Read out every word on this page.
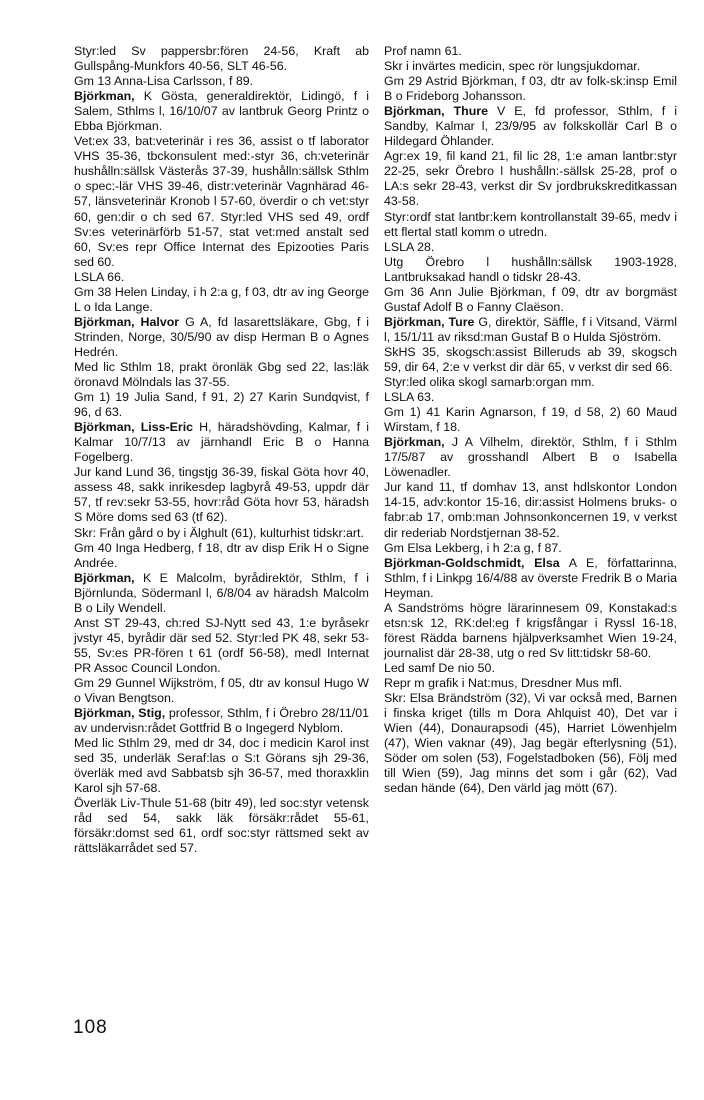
Styr:led Sv pappersbr:fören 24-56, Kraft ab Gullspång-Munkfors 40-56, SLT 46-56.

Gm 13 Anna-Lisa Carlsson, f 89.

Björkman, K Gösta, generaldirektör, Lidingö, f i Salem, Sthlms l, 16/10/07 av lantbruk Georg Printz o Ebba Björkman.

Vet:ex 33, bat:veterinär i res 36, assist o tf laborator VHS 35-36, tbckonsulent med:-styr 36, ch:veterinär hushålln:sällsk Västerås 37-39, hushålln:sällsk Sthlm o spec:-lär VHS 39-46, distr:veterinär Vagnhärad 46-57, länsveterinär Kronob l 57-60, överdir o ch vet:styr 60, gen:dir o ch sed 67. Styr:led VHS sed 49, ordf Sv:es veterinärförb 51-57, stat vet:med anstalt sed 60, Sv:es repr Office Internat des Epizooties Paris sed 60.

LSLA 66.

Gm 38 Helen Linday, i h 2:a g, f 03, dtr av ing George L o Ida Lange.

Björkman, Halvor G A, fd lasarettsläkare, Gbg, f i Strinden, Norge, 30/5/90 av disp Herman B o Agnes Hedrén.

Med lic Sthlm 18, prakt öronläk Gbg sed 22, las:läk öronavd Mölndals las 37-55.

Gm 1) 19 Julia Sand, f 91, 2) 27 Karin Sundqvist, f 96, d 63.

Björkman, Liss-Eric H, häradshövding, Kalmar, f i Kalmar 10/7/13 av järnhandl Eric B o Hanna Fogelberg.

Jur kand Lund 36, tingstjg 36-39, fiskal Göta hovr 40, assess 48, sakk inrikesdep lagbyrå 49-53, uppdr där 57, tf rev:sekr 53-55, hovr:råd Göta hovr 53, häradsh S Möre doms sed 63 (tf 62).

Skr: Från gård o by i Älghult (61), kulturhist tidskr:art.

Gm 40 Inga Hedberg, f 18, dtr av disp Erik H o Signe Andrée.

Björkman, K E Malcolm, byrådirektör, Sthlm, f i Björnlunda, Södermanl l, 6/8/04 av häradsh Malcolm B o Lily Wendell.

Anst ST 29-43, ch:red SJ-Nytt sed 43, 1:e byråsekr jvstyr 45, byrådir där sed 52. Styr:led PK 48, sekr 53-55, Sv:es PR-fören t 61 (ordf 56-58), medl Internat PR Assoc Council London.

Gm 29 Gunnel Wijkström, f 05, dtr av konsul Hugo W o Vivan Bengtson.

Björkman, Stig, professor, Sthlm, f i Örebro 28/11/01 av undervisn:rådet Gottfrid B o Ingegerd Nyblom.

Med lic Sthlm 29, med dr 34, doc i medicin Karol inst sed 35, underläk Seraf:las o S:t Görans sjh 29-36, överläk med avd Sabbatsb sjh 36-57, med thoraxklin Karol sjh 57-68.

Överläk Liv-Thule 51-68 (bitr 49), led soc:styr vetensk råd sed 54, sakk läk försäkr:rådet 55-61, försäkr:domst sed 61, ordf soc:styr rättsmed sekt av rättsläkarrådet sed 57.

Prof namn 61.

Skr i invärtes medicin, spec rör lungsjukdomar.

Gm 29 Astrid Björkman, f 03, dtr av folk-sk:insp Emil B o Frideborg Johansson.

Björkman, Thure V E, fd professor, Sthlm, f i Sandby, Kalmar l, 23/9/95 av folkskollär Carl B o Hildegard Öhlander.

Agr:ex 19, fil kand 21, fil lic 28, 1:e aman lantbr:styr 22-25, sekr Örebro l hushålln:-sällsk 25-28, prof o LA:s sekr 28-43, verkst dir Sv jordbrukskreditkassan 43-58.

Styr:ordf stat lantbr:kem kontrollanstalt 39-65, medv i ett flertal statl komm o utredn.

LSLA 28.

Utg Örebro l hushålln:sällsk 1903-1928, Lantbruksakad handl o tidskr 28-43.

Gm 36 Ann Julie Björkman, f 09, dtr av borgmäst Gustaf Adolf B o Fanny Claëson.

Björkman, Ture G, direktör, Säffle, f i Vitsand, Värml l, 15/1/11 av riksd:man Gustaf B o Hulda Sjöström.

SkHS 35, skogsch:assist Billeruds ab 39, skogsch 59, dir 64, 2:e v verkst dir där 65, v verkst dir sed 66.

Styr:led olika skogl samarb:organ mm.

LSLA 63.

Gm 1) 41 Karin Agnarson, f 19, d 58, 2) 60 Maud Wirstam, f 18.

Björkman, J A Vilhelm, direktör, Sthlm, f i Sthlm 17/5/87 av grosshandl Albert B o Isabella Löwenadler.

Jur kand 11, tf domhav 13, anst hdlskontor London 14-15, adv:kontor 15-16, dir:assist Holmens bruks- o fabr:ab 17, omb:man Johnsonkoncernen 19, v verkst dir rederiab Nordstjernan 38-52.

Gm Elsa Lekberg, i h 2:a g, f 87.

Björkman-Goldschmidt, Elsa A E, författarinna, Sthlm, f i Linkpg 16/4/88 av överste Fredrik B o Maria Heyman.

A Sandströms högre lärarinnesem 09, Konstakad:s etsn:sk 12, RK:del:eg f krigsfångar i Ryssl 16-18, förest Rädda barnens hjälpverksamhet Wien 19-24, journalist där 28-38, utg o red Sv litt:tidskr 58-60.

Led samf De nio 50.

Repr m grafik i Nat:mus, Dresdner Mus mfl.

Skr: Elsa Brändström (32), Vi var också med, Barnen i finska kriget (tills m Dora Ahlquist 40), Det var i Wien (44), Donaurapsodi (45), Harriet Löwenhjelm (47), Wien vaknar (49), Jag begär efterlysning (51), Söder om solen (53), Fogelstadboken (56), Följ med till Wien (59), Jag minns det som i går (62), Vad sedan hände (64), Den värld jag mött (67).

108
